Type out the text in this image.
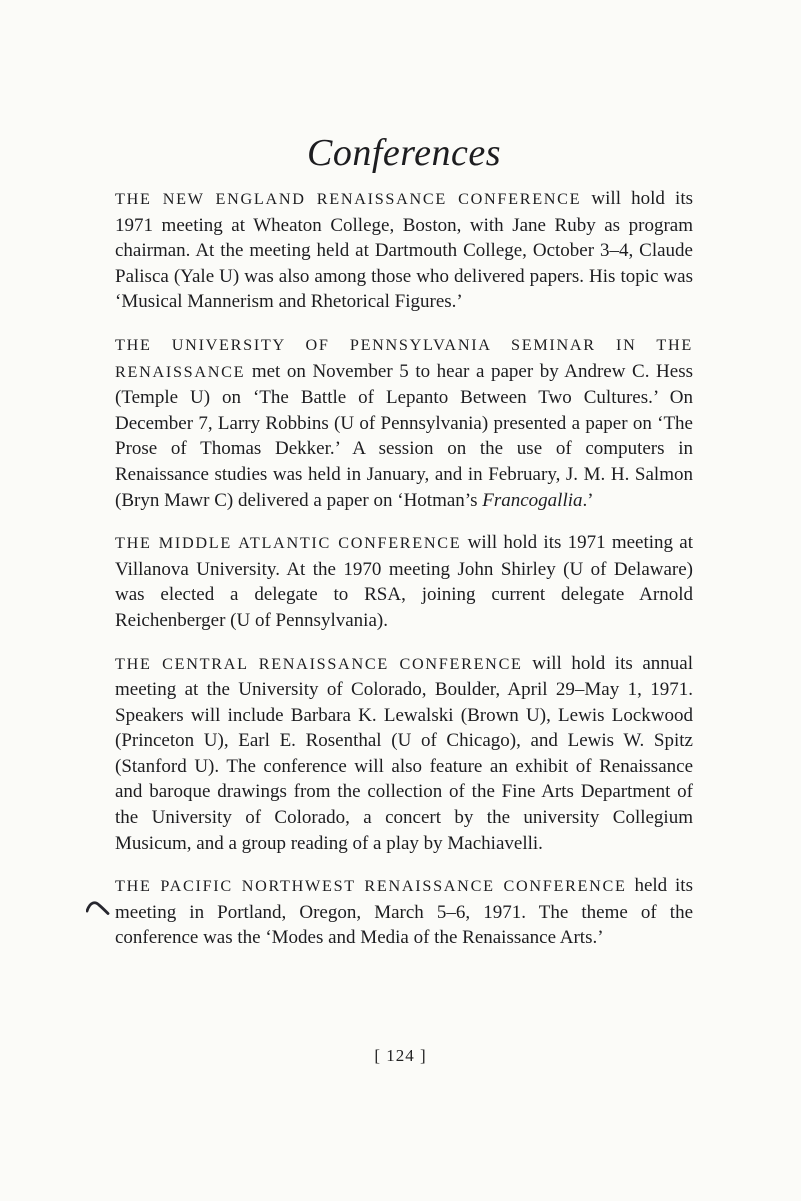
Conferences

THE NEW ENGLAND RENAISSANCE CONFERENCE will hold its 1971 meeting at Wheaton College, Boston, with Jane Ruby as program chairman. At the meeting held at Dartmouth College, October 3–4, Claude Palisca (Yale U) was also among those who delivered papers. His topic was ‘Musical Mannerism and Rhetorical Figures.’

THE UNIVERSITY OF PENNSYLVANIA SEMINAR IN THE RENAISSANCE met on November 5 to hear a paper by Andrew C. Hess (Temple U) on ‘The Battle of Lepanto Between Two Cultures.’ On December 7, Larry Robbins (U of Pennsylvania) presented a paper on ‘The Prose of Thomas Dekker.’ A session on the use of computers in Renaissance studies was held in January, and in February, J. M. H. Salmon (Bryn Mawr C) delivered a paper on ‘Hotman’s Francogallia.’

THE MIDDLE ATLANTIC CONFERENCE will hold its 1971 meeting at Villanova University. At the 1970 meeting John Shirley (U of Delaware) was elected a delegate to RSA, joining current delegate Arnold Reichenberger (U of Pennsylvania).

THE CENTRAL RENAISSANCE CONFERENCE will hold its annual meeting at the University of Colorado, Boulder, April 29–May 1, 1971. Speakers will include Barbara K. Lewalski (Brown U), Lewis Lockwood (Princeton U), Earl E. Rosenthal (U of Chicago), and Lewis W. Spitz (Stanford U). The conference will also feature an exhibit of Renaissance and baroque drawings from the collection of the Fine Arts Department of the University of Colorado, a concert by the university Collegium Musicum, and a group reading of a play by Machiavelli.

THE PACIFIC NORTHWEST RENAISSANCE CONFERENCE held its meeting in Portland, Oregon, March 5–6, 1971. The theme of the conference was the ‘Modes and Media of the Renaissance Arts.’

[ 124 ]
